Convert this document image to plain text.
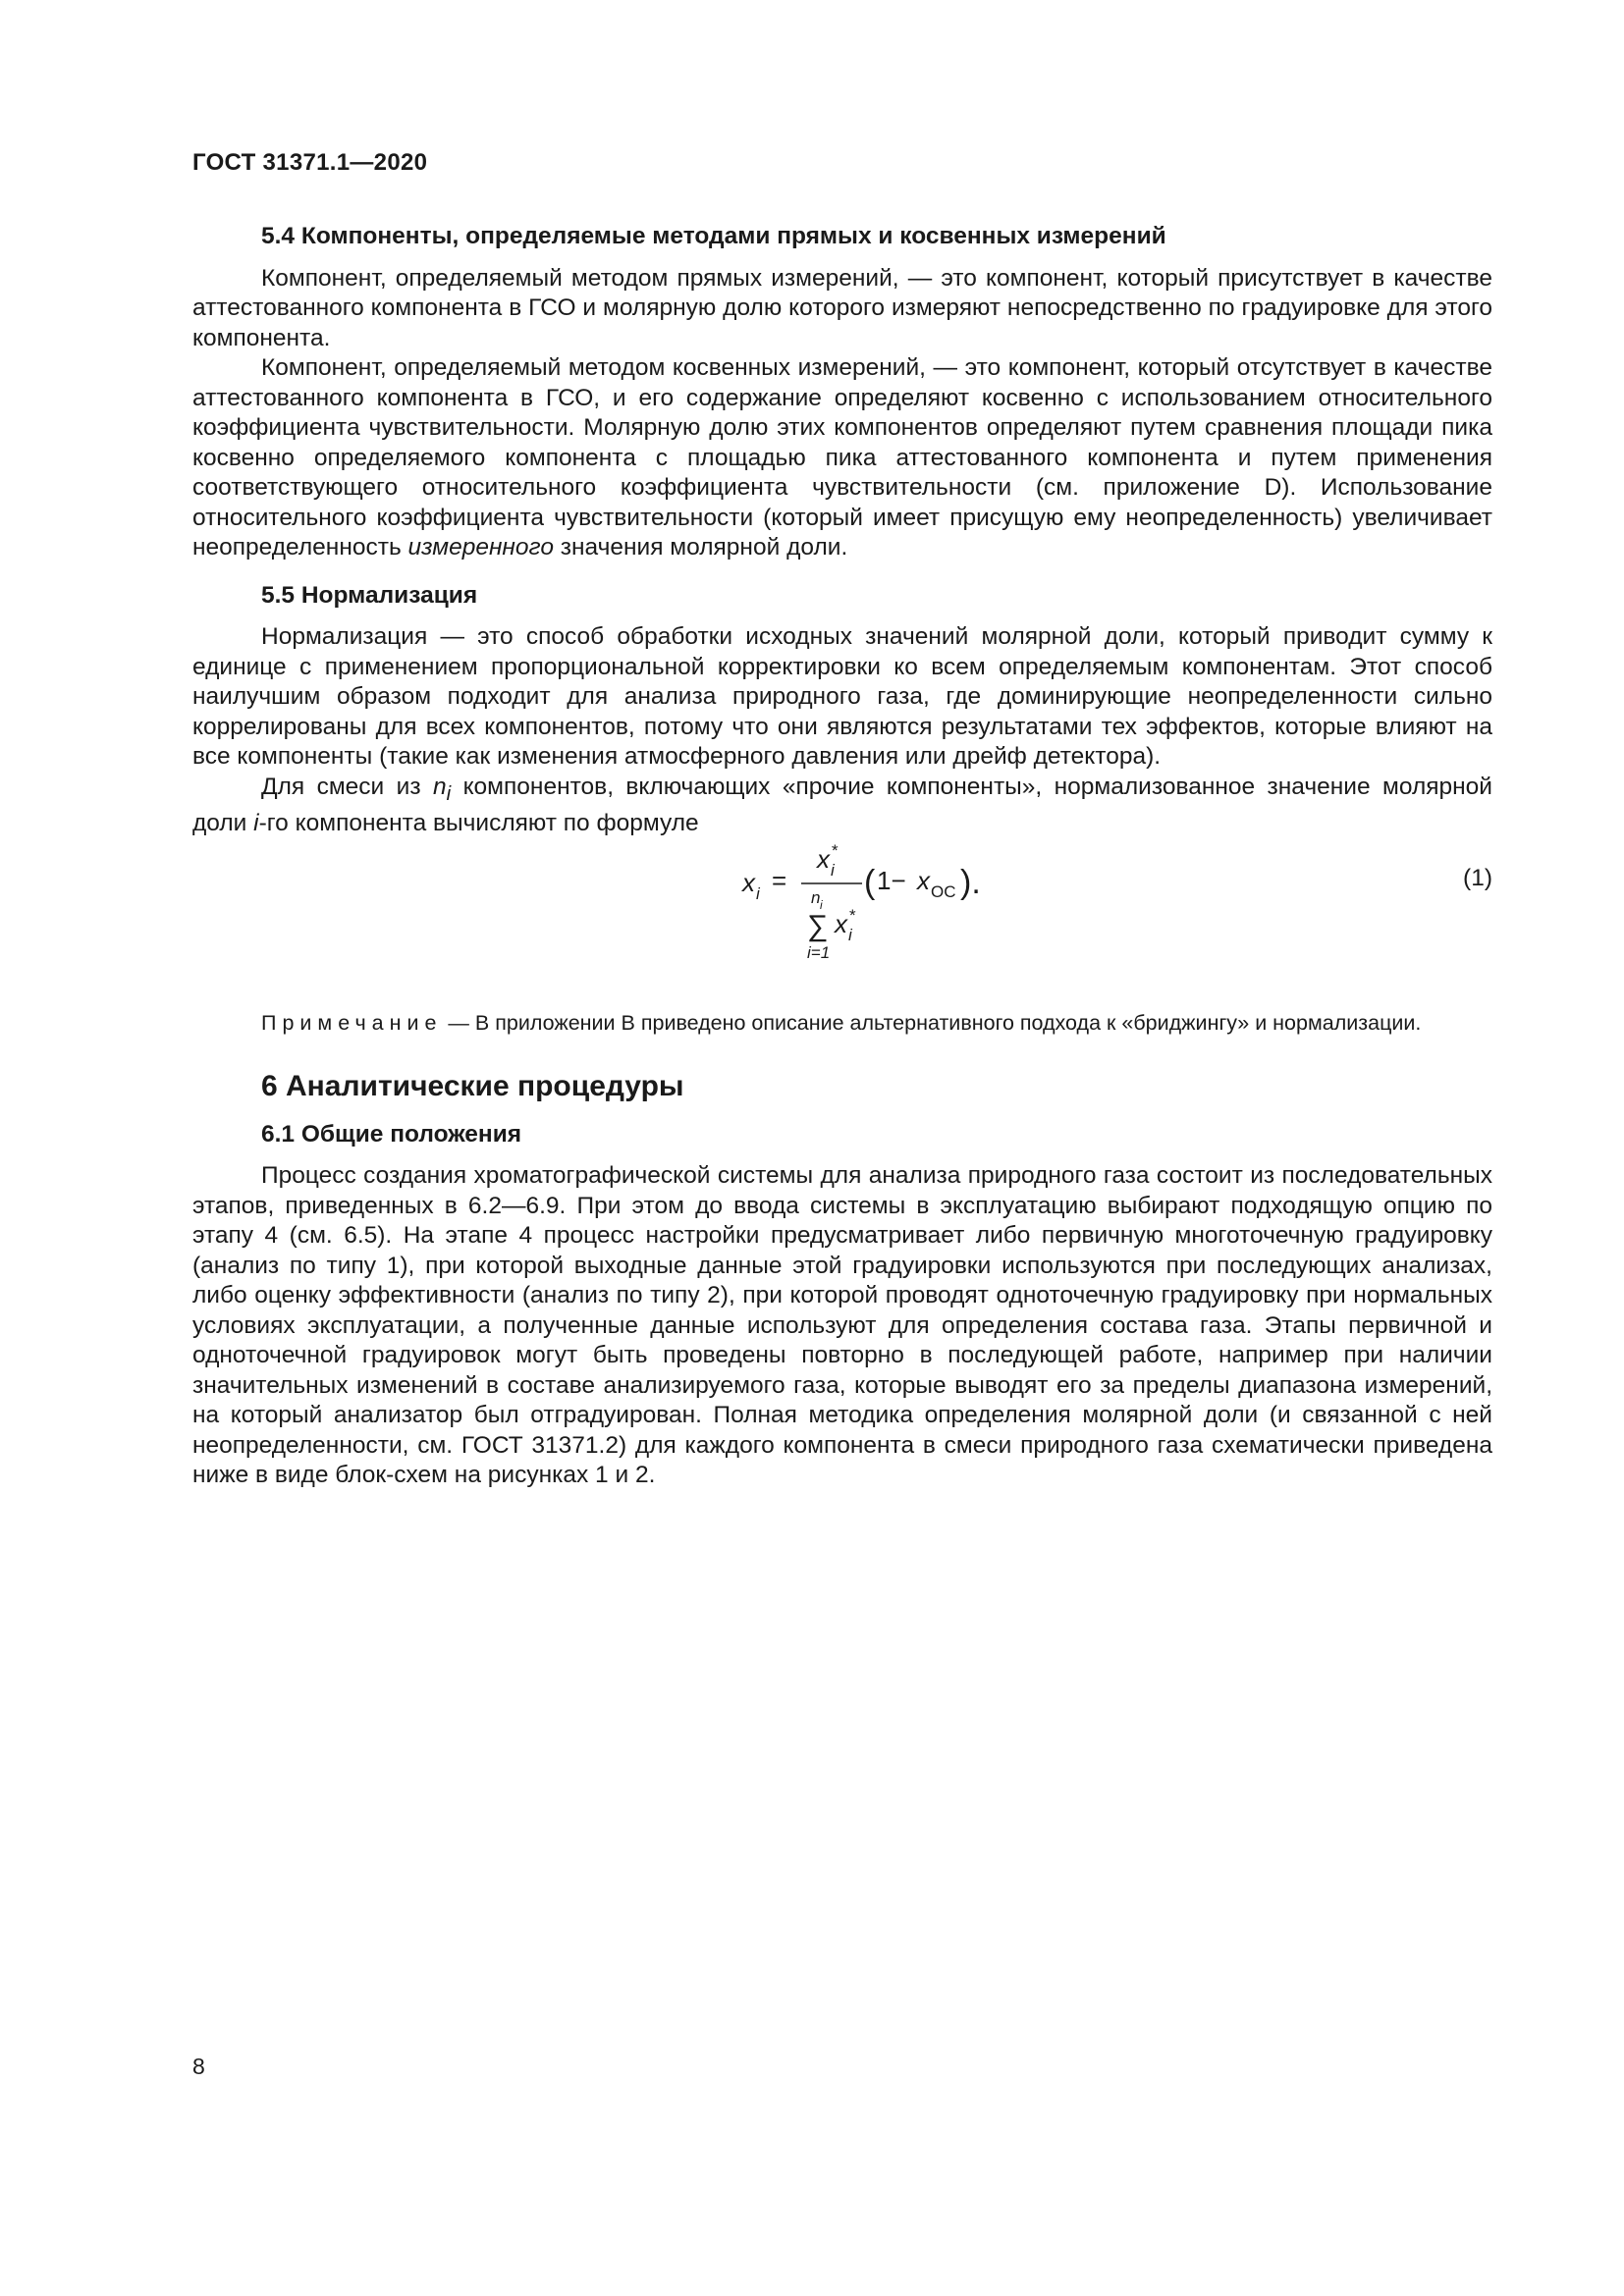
ГОСТ 31371.1—2020
5.4 Компоненты, определяемые методами прямых и косвенных измерений

Компонент, определяемый методом прямых измерений, — это компонент, который присутствует в качестве аттестованного компонента в ГСО и молярную долю которого измеряют непосредственно по градуировке для этого компонента.

Компонент, определяемый методом косвенных измерений, — это компонент, который отсутствует в качестве аттестованного компонента в ГСО, и его содержание определяют косвенно с использованием относительного коэффициента чувствительности. Молярную долю этих компонентов определяют путем сравнения площади пика косвенно определяемого компонента с площадью пика аттестованного компонента и путем применения соответствующего относительного коэффициента чувствительности (см. приложение D). Использование относительного коэффициента чувствительности (который имеет присущую ему неопределенность) увеличивает неопределенность измеренного значения молярной доли.

5.5 Нормализация

Нормализация — это способ обработки исходных значений молярной доли, который приводит сумму к единице с применением пропорциональной корректировки ко всем определяемым компонентам. Этот способ наилучшим образом подходит для анализа природного газа, где доминирующие неопределенности сильно коррелированы для всех компонентов, потому что они являются результатами тех эффектов, которые влияют на все компоненты (такие как изменения атмосферного давления или дрейф детектора).

Для смеси из $n_i$ компонентов, включающих «прочие компоненты», нормализованное значение молярной доли i-го компонента вычисляют по формуле

x i =
x i
*
n i
∑ x i
*
i=1
( 1− x ОС ).	(1)

Примечание — В приложении В приведено описание альтернативного подхода к «бриджингу» и нормализации.

6 Аналитические процедуры
6.1 Общие положения

Процесс создания хроматографической системы для анализа природного газа состоит из последовательных этапов, приведенных в 6.2—6.9. При этом до ввода системы в эксплуатацию выбирают подходящую опцию по этапу 4 (см. 6.5). На этапе 4 процесс настройки предусматривает либо первичную многоточечную градуировку (анализ по типу 1), при которой выходные данные этой градуировки используются при последующих анализах, либо оценку эффективности (анализ по типу 2), при которой проводят одноточечную градуировку при нормальных условиях эксплуатации, а полученные данные используют для определения состава газа. Этапы первичной и одноточечной градуировок могут быть проведены повторно в последующей работе, например при наличии значительных изменений в составе анализируемого газа, которые выводят его за пределы диапазона измерений, на который анализатор был отградуирован. Полная методика определения молярной доли (и связанной с ней неопределенности, см. ГОСТ 31371.2) для каждого компонента в смеси природного газа схематически приведена ниже в виде блок-схем на рисунках 1 и 2.

8
